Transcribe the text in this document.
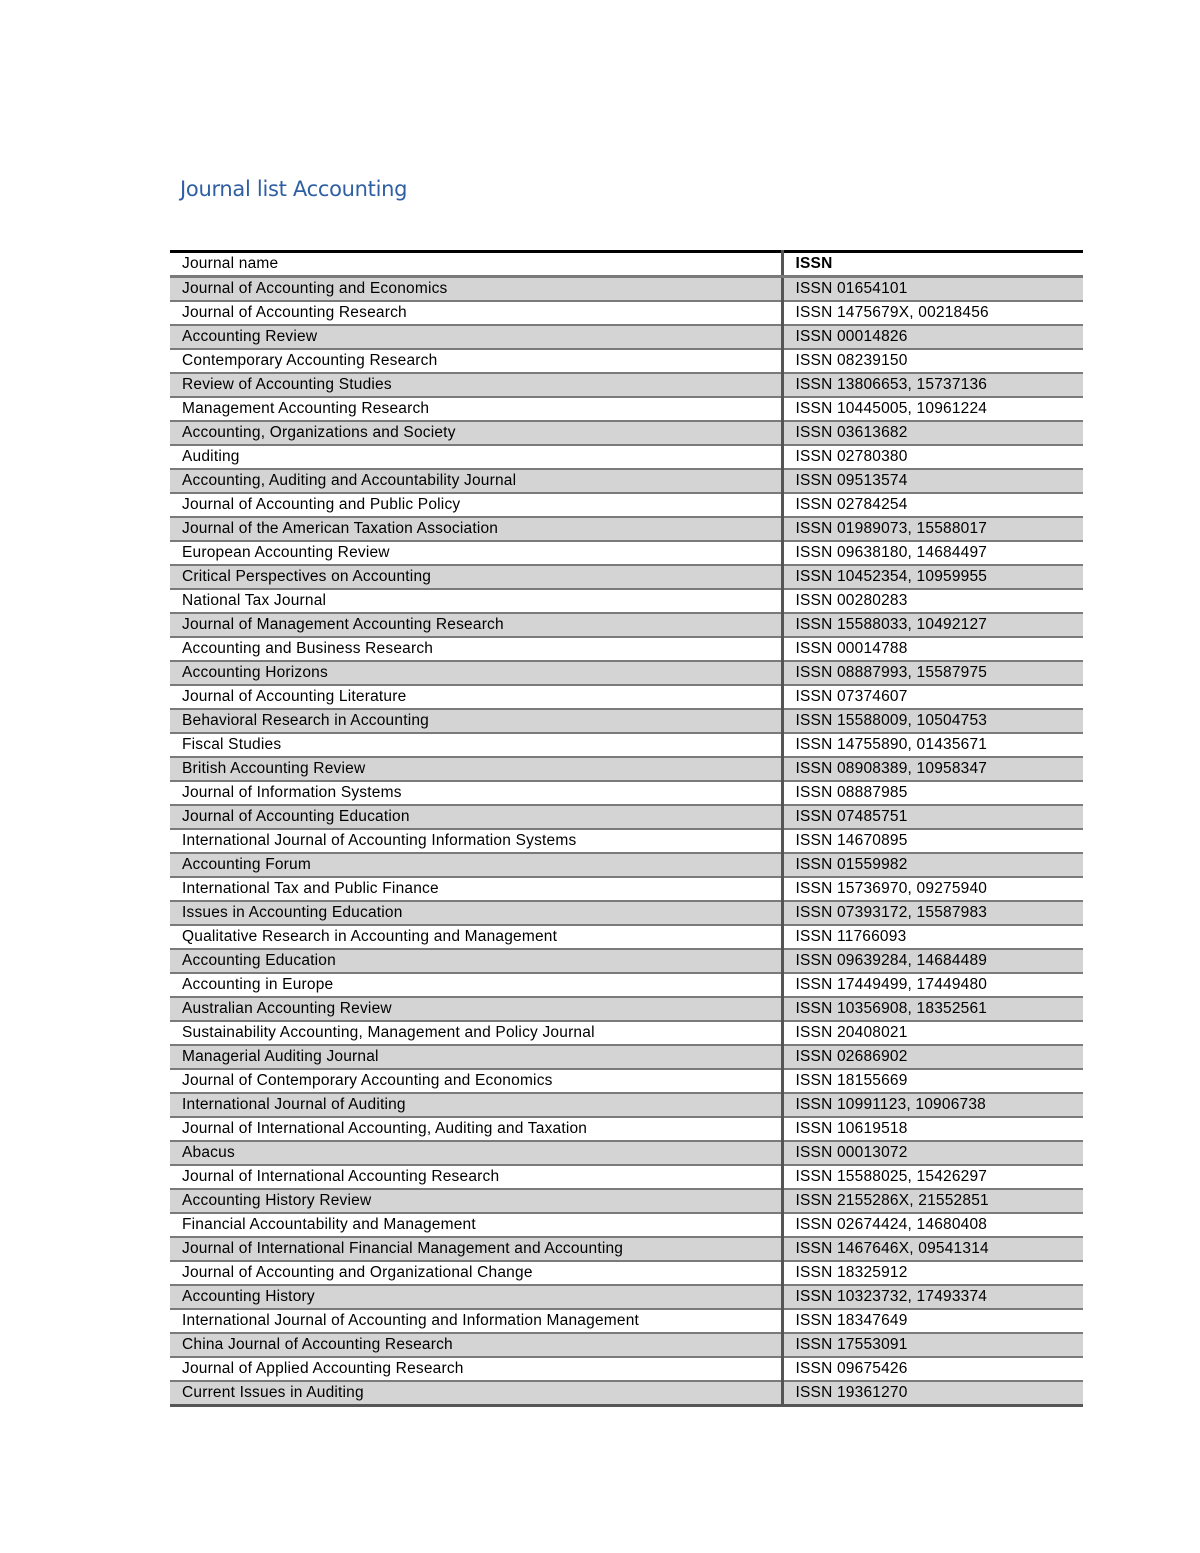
Journal list Accounting
Journal name	ISSN
Journal of Accounting and Economics	ISSN 01654101
Journal of Accounting Research	ISSN 1475679X, 00218456
Accounting Review	ISSN 00014826
Contemporary Accounting Research	ISSN 08239150
Review of Accounting Studies	ISSN 13806653, 15737136
Management Accounting Research	ISSN 10445005, 10961224
Accounting, Organizations and Society	ISSN 03613682
Auditing	ISSN 02780380
Accounting, Auditing and Accountability Journal	ISSN 09513574
Journal of Accounting and Public Policy	ISSN 02784254
Journal of the American Taxation Association	ISSN 01989073, 15588017
European Accounting Review	ISSN 09638180, 14684497
Critical Perspectives on Accounting	ISSN 10452354, 10959955
National Tax Journal	ISSN 00280283
Journal of Management Accounting Research	ISSN 15588033, 10492127
Accounting and Business Research	ISSN 00014788
Accounting Horizons	ISSN 08887993, 15587975
Journal of Accounting Literature	ISSN 07374607
Behavioral Research in Accounting	ISSN 15588009, 10504753
Fiscal Studies	ISSN 14755890, 01435671
British Accounting Review	ISSN 08908389, 10958347
Journal of Information Systems	ISSN 08887985
Journal of Accounting Education	ISSN 07485751
International Journal of Accounting Information Systems	ISSN 14670895
Accounting Forum	ISSN 01559982
International Tax and Public Finance	ISSN 15736970, 09275940
Issues in Accounting Education	ISSN 07393172, 15587983
Qualitative Research in Accounting and Management	ISSN 11766093
Accounting Education	ISSN 09639284, 14684489
Accounting in Europe	ISSN 17449499, 17449480
Australian Accounting Review	ISSN 10356908, 18352561
Sustainability Accounting, Management and Policy Journal	ISSN 20408021
Managerial Auditing Journal	ISSN 02686902
Journal of Contemporary Accounting and Economics	ISSN 18155669
International Journal of Auditing	ISSN 10991123, 10906738
Journal of International Accounting, Auditing and Taxation	ISSN 10619518
Abacus	ISSN 00013072
Journal of International Accounting Research	ISSN 15588025, 15426297
Accounting History Review	ISSN 2155286X, 21552851
Financial Accountability and Management	ISSN 02674424, 14680408
Journal of International Financial Management and Accounting	ISSN 1467646X, 09541314
Journal of Accounting and Organizational Change	ISSN 18325912
Accounting History	ISSN 10323732, 17493374
International Journal of Accounting and Information Management	ISSN 18347649
China Journal of Accounting Research	ISSN 17553091
Journal of Applied Accounting Research	ISSN 09675426
Current Issues in Auditing	ISSN 19361270
